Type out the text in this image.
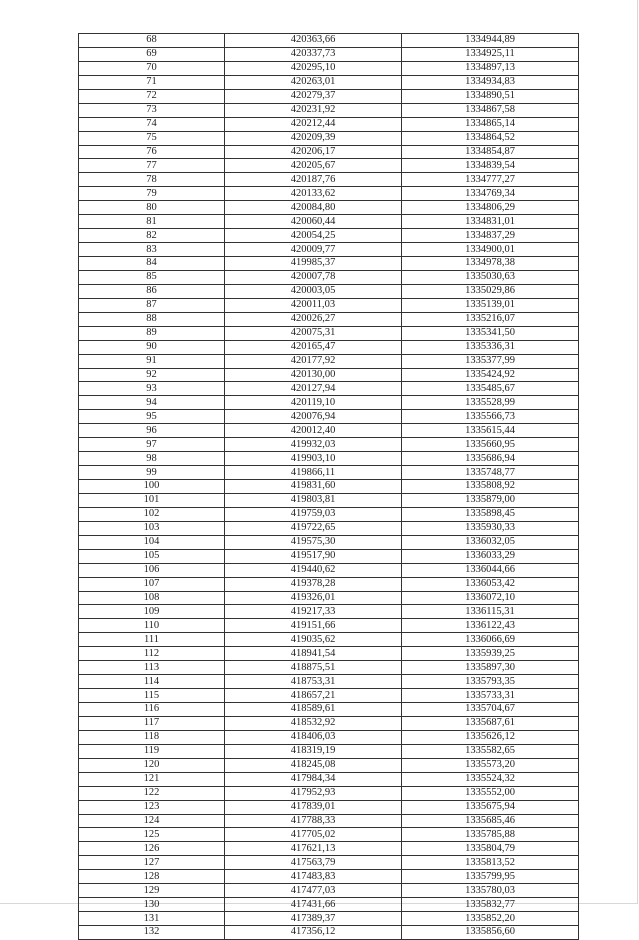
68	420363,66	1334944,89
69	420337,73	1334925,11
70	420295,10	1334897,13
71	420263,01	1334934,83
72	420279,37	1334890,51
73	420231,92	1334867,58
74	420212,44	1334865,14
75	420209,39	1334864,52
76	420206,17	1334854,87
77	420205,67	1334839,54
78	420187,76	1334777,27
79	420133,62	1334769,34
80	420084,80	1334806,29
81	420060,44	1334831,01
82	420054,25	1334837,29
83	420009,77	1334900,01
84	419985,37	1334978,38
85	420007,78	1335030,63
86	420003,05	1335029,86
87	420011,03	1335139,01
88	420026,27	1335216,07
89	420075,31	1335341,50
90	420165,47	1335336,31
91	420177,92	1335377,99
92	420130,00	1335424,92
93	420127,94	1335485,67
94	420119,10	1335528,99
95	420076,94	1335566,73
96	420012,40	1335615,44
97	419932,03	1335660,95
98	419903,10	1335686,94
99	419866,11	1335748,77
100	419831,60	1335808,92
101	419803,81	1335879,00
102	419759,03	1335898,45
103	419722,65	1335930,33
104	419575,30	1336032,05
105	419517,90	1336033,29
106	419440,62	1336044,66
107	419378,28	1336053,42
108	419326,01	1336072,10
109	419217,33	1336115,31
110	419151,66	1336122,43
111	419035,62	1336066,69
112	418941,54	1335939,25
113	418875,51	1335897,30
114	418753,31	1335793,35
115	418657,21	1335733,31
116	418589,61	1335704,67
117	418532,92	1335687,61
118	418406,03	1335626,12
119	418319,19	1335582,65
120	418245,08	1335573,20
121	417984,34	1335524,32
122	417952,93	1335552,00
123	417839,01	1335675,94
124	417788,33	1335685,46
125	417705,02	1335785,88
126	417621,13	1335804,79
127	417563,79	1335813,52
128	417483,83	1335799,95
129	417477,03	1335780,03
130	417431,66	1335832,77
131	417389,37	1335852,20
132	417356,12	1335856,60
